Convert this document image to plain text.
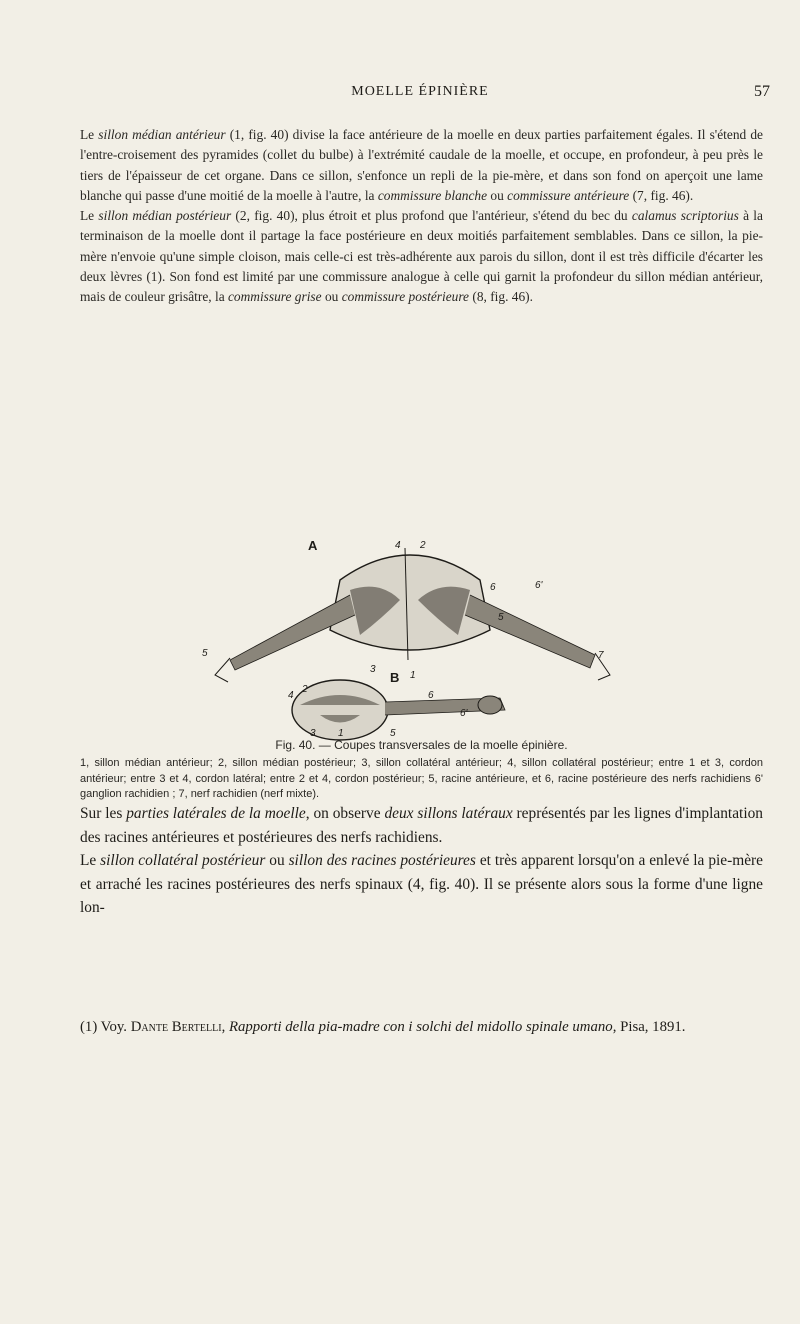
MOELLE ÉPINIÈRE	57

Le sillon médian antérieur (1, fig. 40) divise la face antérieure de la moelle en deux parties parfaitement égales. Il s'étend de l'entre-croisement des pyramides (collet du bulbe) à l'extrémité caudale de la moelle, et occupe, en profondeur, à peu près le tiers de l'épaisseur de cet organe. Dans ce sillon, s'enfonce un repli de la pie-mère, et dans son fond on aperçoit une lame blanche qui passe d'une moitié de la moelle à l'autre, la commissure blanche ou commissure antérieure (7, fig. 46).

Le sillon médian postérieur (2, fig. 40), plus étroit et plus profond que l'antérieur, s'étend du bec du calamus scriptorius à la terminaison de la moelle dont il partage la face postérieure en deux moitiés parfaitement semblables. Dans ce sillon, la pie-mère n'envoie qu'une simple cloison, mais celle-ci est très-adhérente aux parois du sillon, dont il est très difficile d'écarter les deux lèvres (1). Son fond est limité par une commissure analogue à celle qui garnit la profondeur du sillon médian antérieur, mais de couleur grisâtre, la commissure grise ou commissure postérieure (8, fig. 46).

A
B
4 2
6	6'
5
7
3
1
5
4
2
6
6'
3 1	5
Fig. 40. — Coupes transversales de la moelle épinière.
1, sillon médian antérieur; 2, sillon médian postérieur; 3, sillon collatéral antérieur; 4, sillon collatéral postérieur; entre 1 et 3, cordon antérieur; entre 3 et 4, cordon latéral; entre 2 et 4, cordon postérieur; 5, racine antérieure, et 6, racine postérieure des nerfs rachidiens 6' ganglion rachidien ; 7, nerf rachidien (nerf mixte).

Sur les parties latérales de la moelle, on observe deux sillons latéraux représentés par les lignes d'implantation des racines antérieures et postérieures des nerfs rachidiens.

Le sillon collatéral postérieur ou sillon des racines postérieures et très apparent lorsqu'on a enlevé la pie-mère et arraché les racines postérieures des nerfs spinaux (4, fig. 40). Il se présente alors sous la forme d'une ligne lon-

(1) Voy. Dante Bertelli, Rapporti della pia-madre con i solchi del midollo spinale umano, Pisa, 1891.
